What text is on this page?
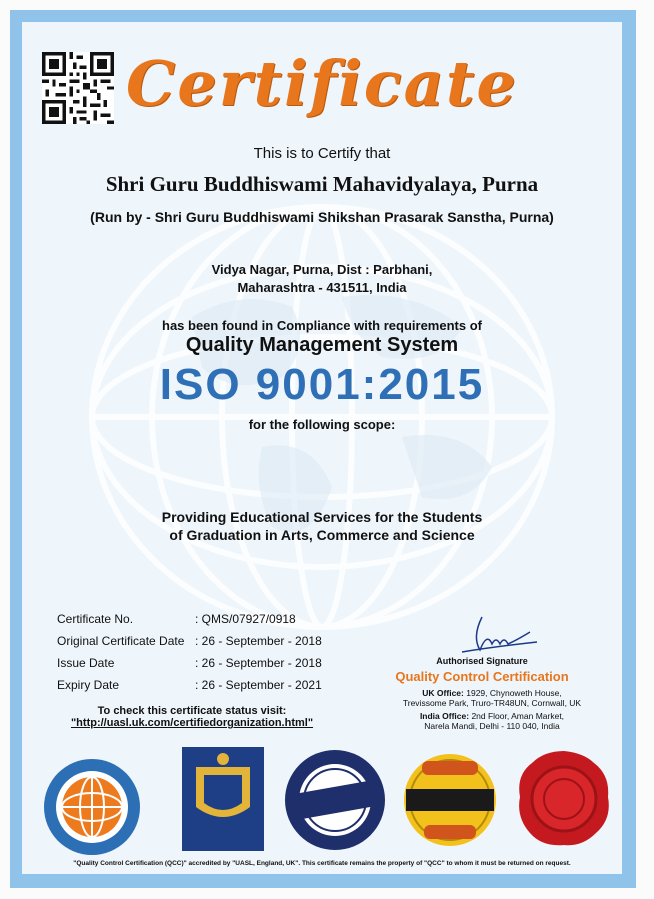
Certificate
This is to Certify that
Shri Guru Buddhiswami Mahavidyalaya, Purna
(Run by - Shri Guru Buddhiswami Shikshan Prasarak Sanstha, Purna)
Vidya Nagar, Purna, Dist : Parbhani,
Maharashtra - 431511, India
has been found in Compliance with requirements of
Quality Management System
ISO 9001:2015
for the following scope:
Providing Educational Services for the Students
of Graduation in Arts, Commerce and Science
Certificate No.	: QMS/07927/0918
Original Certificate Date : 26 - September - 2018
Issue Date	: 26 - September - 2018
Expiry Date	: 26 - September - 2021
To check this certificate status visit:
"http://uasl.uk.com/certifiedorganization.html"
Authorised Signature
Quality Control Certification
UK Office: 1929, Chynoweth House,
Trevissome Park, Truro-TR48UN, Cornwall, UK
India Office: 2nd Floor, Aman Market,
Narela Mandi, Delhi - 110 040, India
"Quality Control Certification (QCC)" accredited by "UASL, England, UK". This certificate remains the property of "QCC" to whom it must be returned on request.
